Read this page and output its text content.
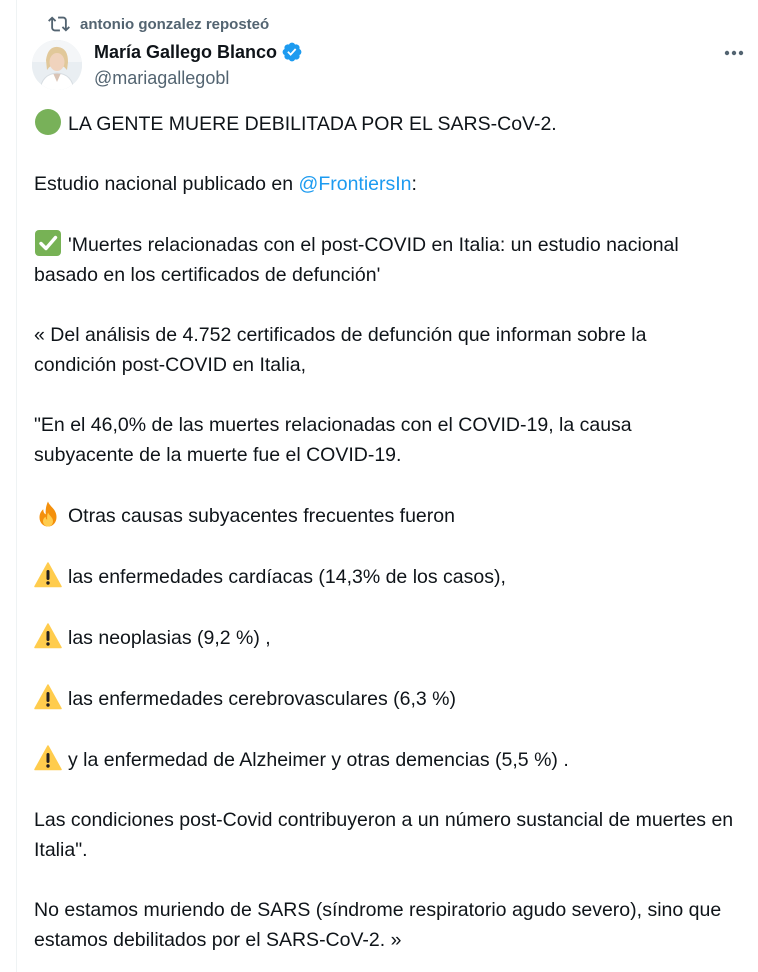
antonio gonzalez reposteó
María Gallego Blanco
@mariagallegobl

LA GENTE MUERE DEBILITADA POR EL SARS-CoV-2.

Estudio nacional publicado en @FrontiersIn:

'Muertes relacionadas con el post-COVID en Italia: un estudio nacional basado en los certificados de defunción'

« Del análisis de 4.752 certificados de defunción que informan sobre la condición post-COVID en Italia,

"En el 46,0% de las muertes relacionadas con el COVID-19, la causa subyacente de la muerte fue el COVID-19.

Otras causas subyacentes frecuentes fueron

las enfermedades cardíacas (14,3% de los casos),

las neoplasias (9,2 %) ,

las enfermedades cerebrovasculares (6,3 %)

y la enfermedad de Alzheimer y otras demencias (5,5 %) .

Las condiciones post-Covid contribuyeron a un número sustancial de muertes en Italia".

No estamos muriendo de SARS (síndrome respiratorio agudo severo), sino que estamos debilitados por el SARS-CoV-2. »
